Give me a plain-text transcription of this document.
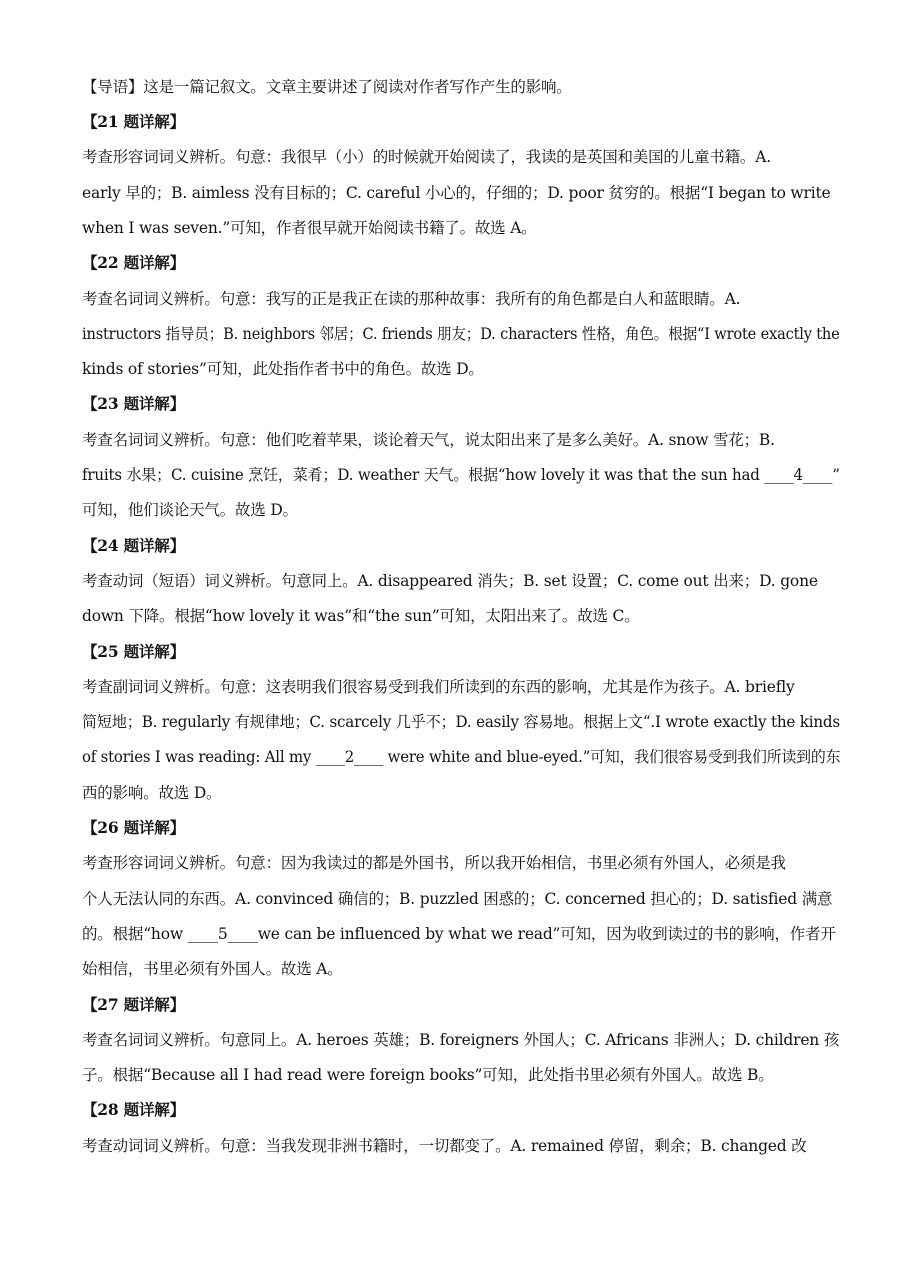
【导语】这是一篇记叙文。文章主要讲述了阅读对作者写作产生的影响。
【21 题详解】
考查形容词词义辨析。句意：我很早（小）的时候就开始阅读了，我读的是英国和美国的儿童书籍。A.
early 早的；B. aimless 没有目标的；C. careful 小心的，仔细的；D. poor 贫穷的。根据“I began to write
when I was seven.”可知，作者很早就开始阅读书籍了。故选 A。
【22 题详解】
考查名词词义辨析。句意：我写的正是我正在读的那种故事：我所有的角色都是白人和蓝眼睛。A.
instructors 指导员；B. neighbors 邻居；C. friends 朋友；D. characters 性格，角色。根据“I wrote exactly the
kinds of stories”可知，此处指作者书中的角色。故选 D。
【23 题详解】
考查名词词义辨析。句意：他们吃着苹果，谈论着天气，说太阳出来了是多么美好。A. snow 雪花；B.
fruits 水果；C. cuisine 烹饪，菜肴；D. weather 天气。根据“how lovely it was that the sun had ____4____”
可知，他们谈论天气。故选 D。
【24 题详解】
考查动词（短语）词义辨析。句意同上。A. disappeared 消失；B. set 设置；C. come out 出来；D. gone
down 下降。根据“how lovely it was”和“the sun”可知，太阳出来了。故选 C。
【25 题详解】
考查副词词义辨析。句意：这表明我们很容易受到我们所读到的东西的影响，尤其是作为孩子。A. briefly
简短地；B. regularly 有规律地；C. scarcely 几乎不；D. easily 容易地。根据上文“.I wrote exactly the kinds
of stories I was reading: All my ____2____ were white and blue-eyed.”可知，我们很容易受到我们所读到的东
西的影响。故选 D。
【26 题详解】
考查形容词词义辨析。句意：因为我读过的都是外国书，所以我开始相信，书里必须有外国人，必须是我
个人无法认同的东西。A. convinced 确信的；B. puzzled 困惑的；C. concerned 担心的；D. satisfied 满意
的。根据“how ____5____we can be influenced by what we read”可知，因为收到读过的书的影响，作者开
始相信，书里必须有外国人。故选 A。
【27 题详解】
考查名词词义辨析。句意同上。A. heroes 英雄；B. foreigners 外国人；C. Africans 非洲人；D. children 孩
子。根据“Because all I had read were foreign books”可知，此处指书里必须有外国人。故选 B。
【28 题详解】
考查动词词义辨析。句意：当我发现非洲书籍时，一切都变了。A. remained 停留，剩余；B. changed 改
